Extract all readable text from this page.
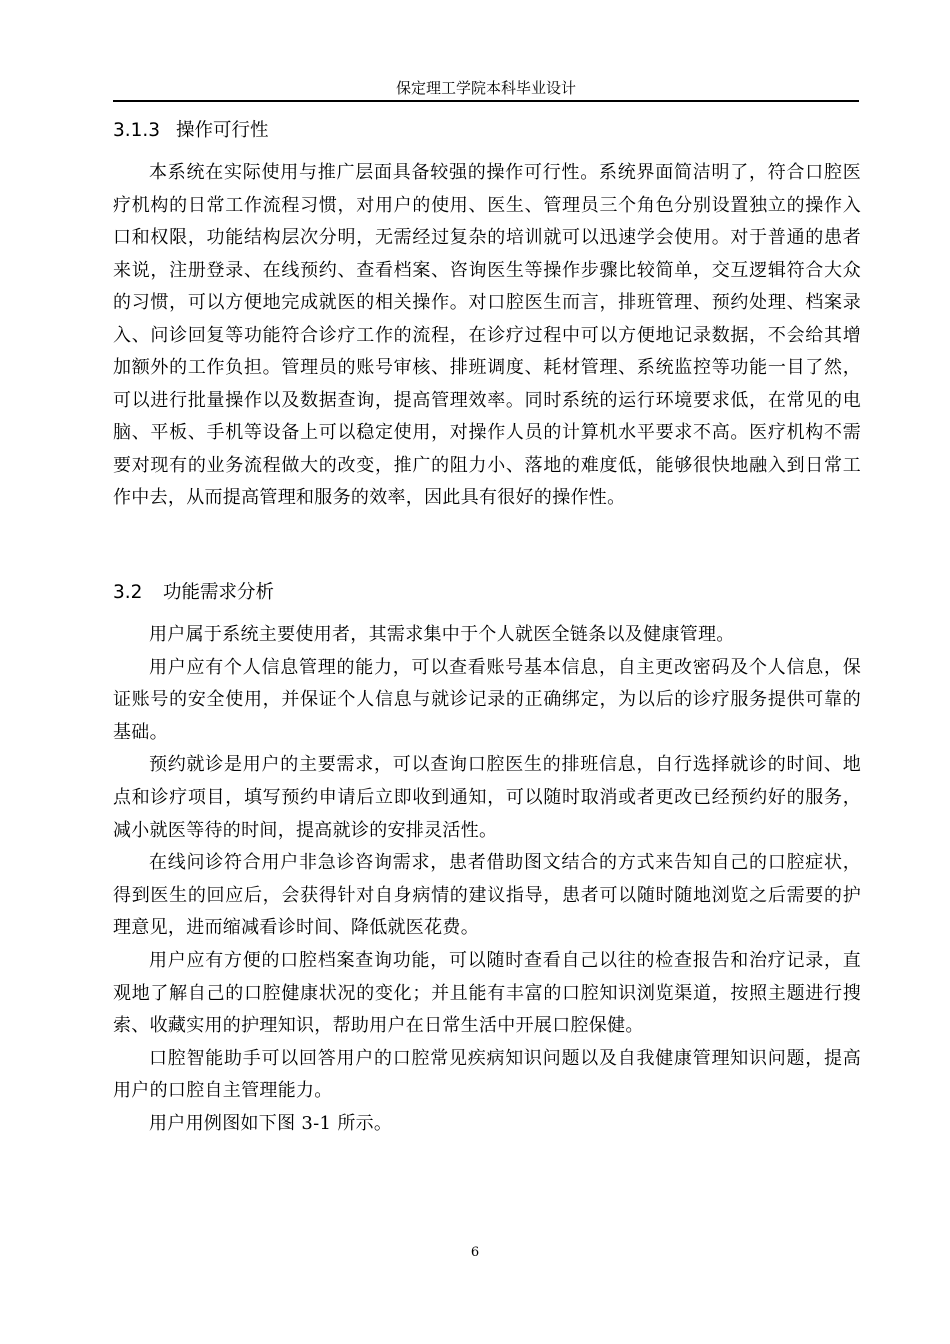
保定理工学院本科毕业设计
3.1.3 操作可行性

本系统在实际使用与推广层面具备较强的操作可行性。系统界面简洁明了，符合口腔医疗机构的日常工作流程习惯，对用户的使用、医生、管理员三个角色分别设置独立的操作入口和权限，功能结构层次分明，无需经过复杂的培训就可以迅速学会使用。对于普通的患者来说，注册登录、在线预约、查看档案、咨询医生等操作步骤比较简单，交互逻辑符合大众的习惯，可以方便地完成就医的相关操作。对口腔医生而言，排班管理、预约处理、档案录入、问诊回复等功能符合诊疗工作的流程，在诊疗过程中可以方便地记录数据，不会给其增加额外的工作负担。管理员的账号审核、排班调度、耗材管理、系统监控等功能一目了然，可以进行批量操作以及数据查询，提高管理效率。同时系统的运行环境要求低，在常见的电脑、平板、手机等设备上可以稳定使用，对操作人员的计算机水平要求不高。医疗机构不需要对现有的业务流程做大的改变，推广的阻力小、落地的难度低，能够很快地融入到日常工作中去，从而提高管理和服务的效率，因此具有很好的操作性。

3.2 功能需求分析

用户属于系统主要使用者，其需求集中于个人就医全链条以及健康管理。

用户应有个人信息管理的能力，可以查看账号基本信息，自主更改密码及个人信息，保证账号的安全使用，并保证个人信息与就诊记录的正确绑定，为以后的诊疗服务提供可靠的基础。

预约就诊是用户的主要需求，可以查询口腔医生的排班信息，自行选择就诊的时间、地点和诊疗项目，填写预约申请后立即收到通知，可以随时取消或者更改已经预约好的服务，减小就医等待的时间，提高就诊的安排灵活性。

在线问诊符合用户非急诊咨询需求，患者借助图文结合的方式来告知自己的口腔症状，得到医生的回应后，会获得针对自身病情的建议指导，患者可以随时随地浏览之后需要的护理意见，进而缩减看诊时间、降低就医花费。

用户应有方便的口腔档案查询功能，可以随时查看自己以往的检查报告和治疗记录，直观地了解自己的口腔健康状况的变化；并且能有丰富的口腔知识浏览渠道，按照主题进行搜索、收藏实用的护理知识，帮助用户在日常生活中开展口腔保健。

口腔智能助手可以回答用户的口腔常见疾病知识问题以及自我健康管理知识问题，提高用户的口腔自主管理能力。

用户用例图如下图 3-1 所示。

6
